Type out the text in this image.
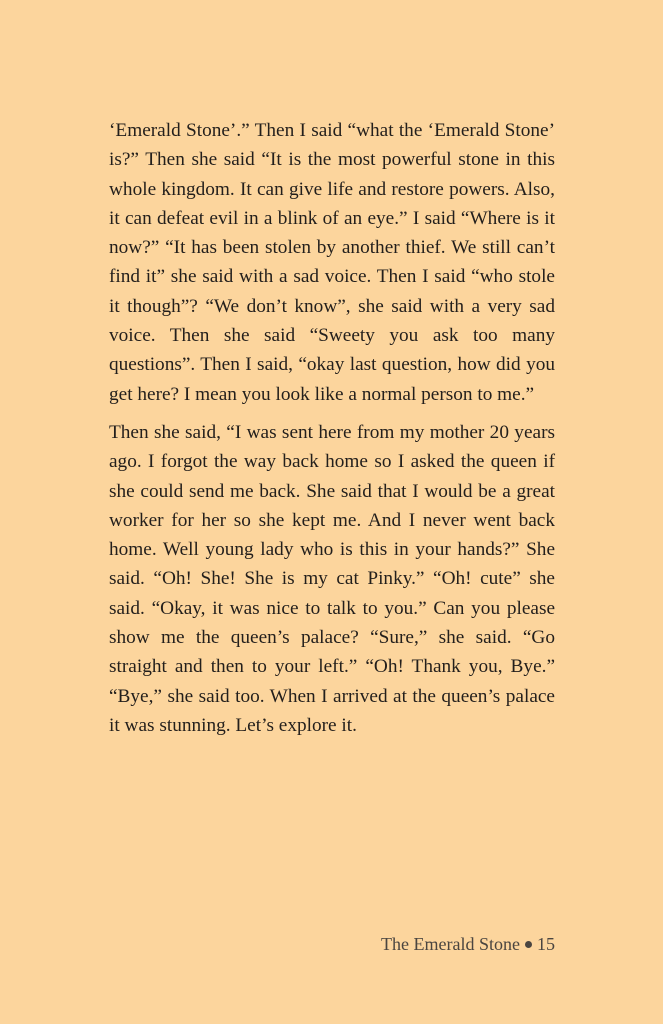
‘Emerald Stone’.” Then I said “what the ‘Emerald Stone’ is?” Then she said “It is the most powerful stone in this whole kingdom. It can give life and restore powers. Also, it can defeat evil in a blink of an eye.” I said “Where is it now?” “It has been stolen by another thief. We still can’t find it” she said with a sad voice. Then I said “who stole it though”? “We don’t know”, she said with a very sad voice. Then she said “Sweety you ask too many questions”. Then I said, “okay last question, how did you get here? I mean you look like a normal person to me.”

Then she said, “I was sent here from my mother 20 years ago. I forgot the way back home so I asked the queen if she could send me back. She said that I would be a great worker for her so she kept me. And I never went back home. Well young lady who is this in your hands?” She said. “Oh! She! She is my cat Pinky.” “Oh! cute” she said. “Okay, it was nice to talk to you.” Can you please show me the queen’s palace? “Sure,” she said. “Go straight and then to your left.” “Oh! Thank you, Bye.” “Bye,” she said too. When I arrived at the queen’s palace it was stunning. Let’s explore it.

The Emerald Stone 15
